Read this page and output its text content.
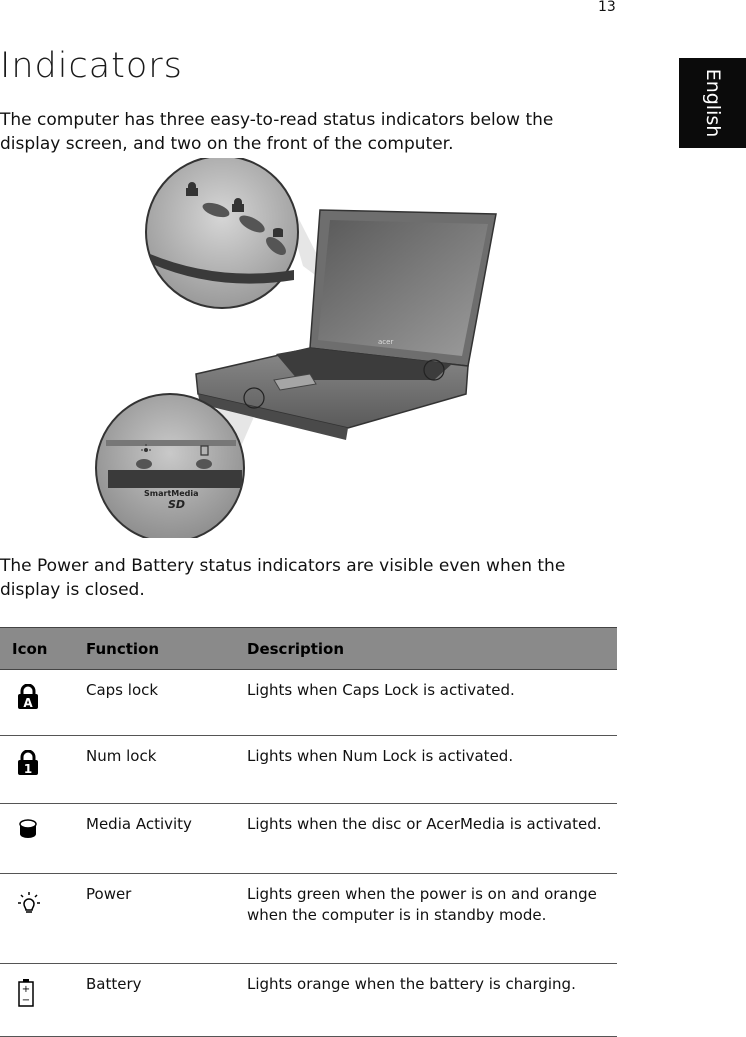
13
English
Indicators

The computer has three easy-to-read status indicators below the display screen, and two on the front of the computer.

acer
SmartMedia
SD

The Power and Battery status indicators are visible even when the display is closed.

Icon	Function	Description

A	Caps lock	Lights when Caps Lock is activated.

1	Num lock	Lights when Num Lock is activated.

	Media Activity	Lights when the disc or AcerMedia is activated.

	Power	Lights green when the power is on and orange when the computer is in standby mode.

+
−	Battery	Lights orange when the battery is charging.
